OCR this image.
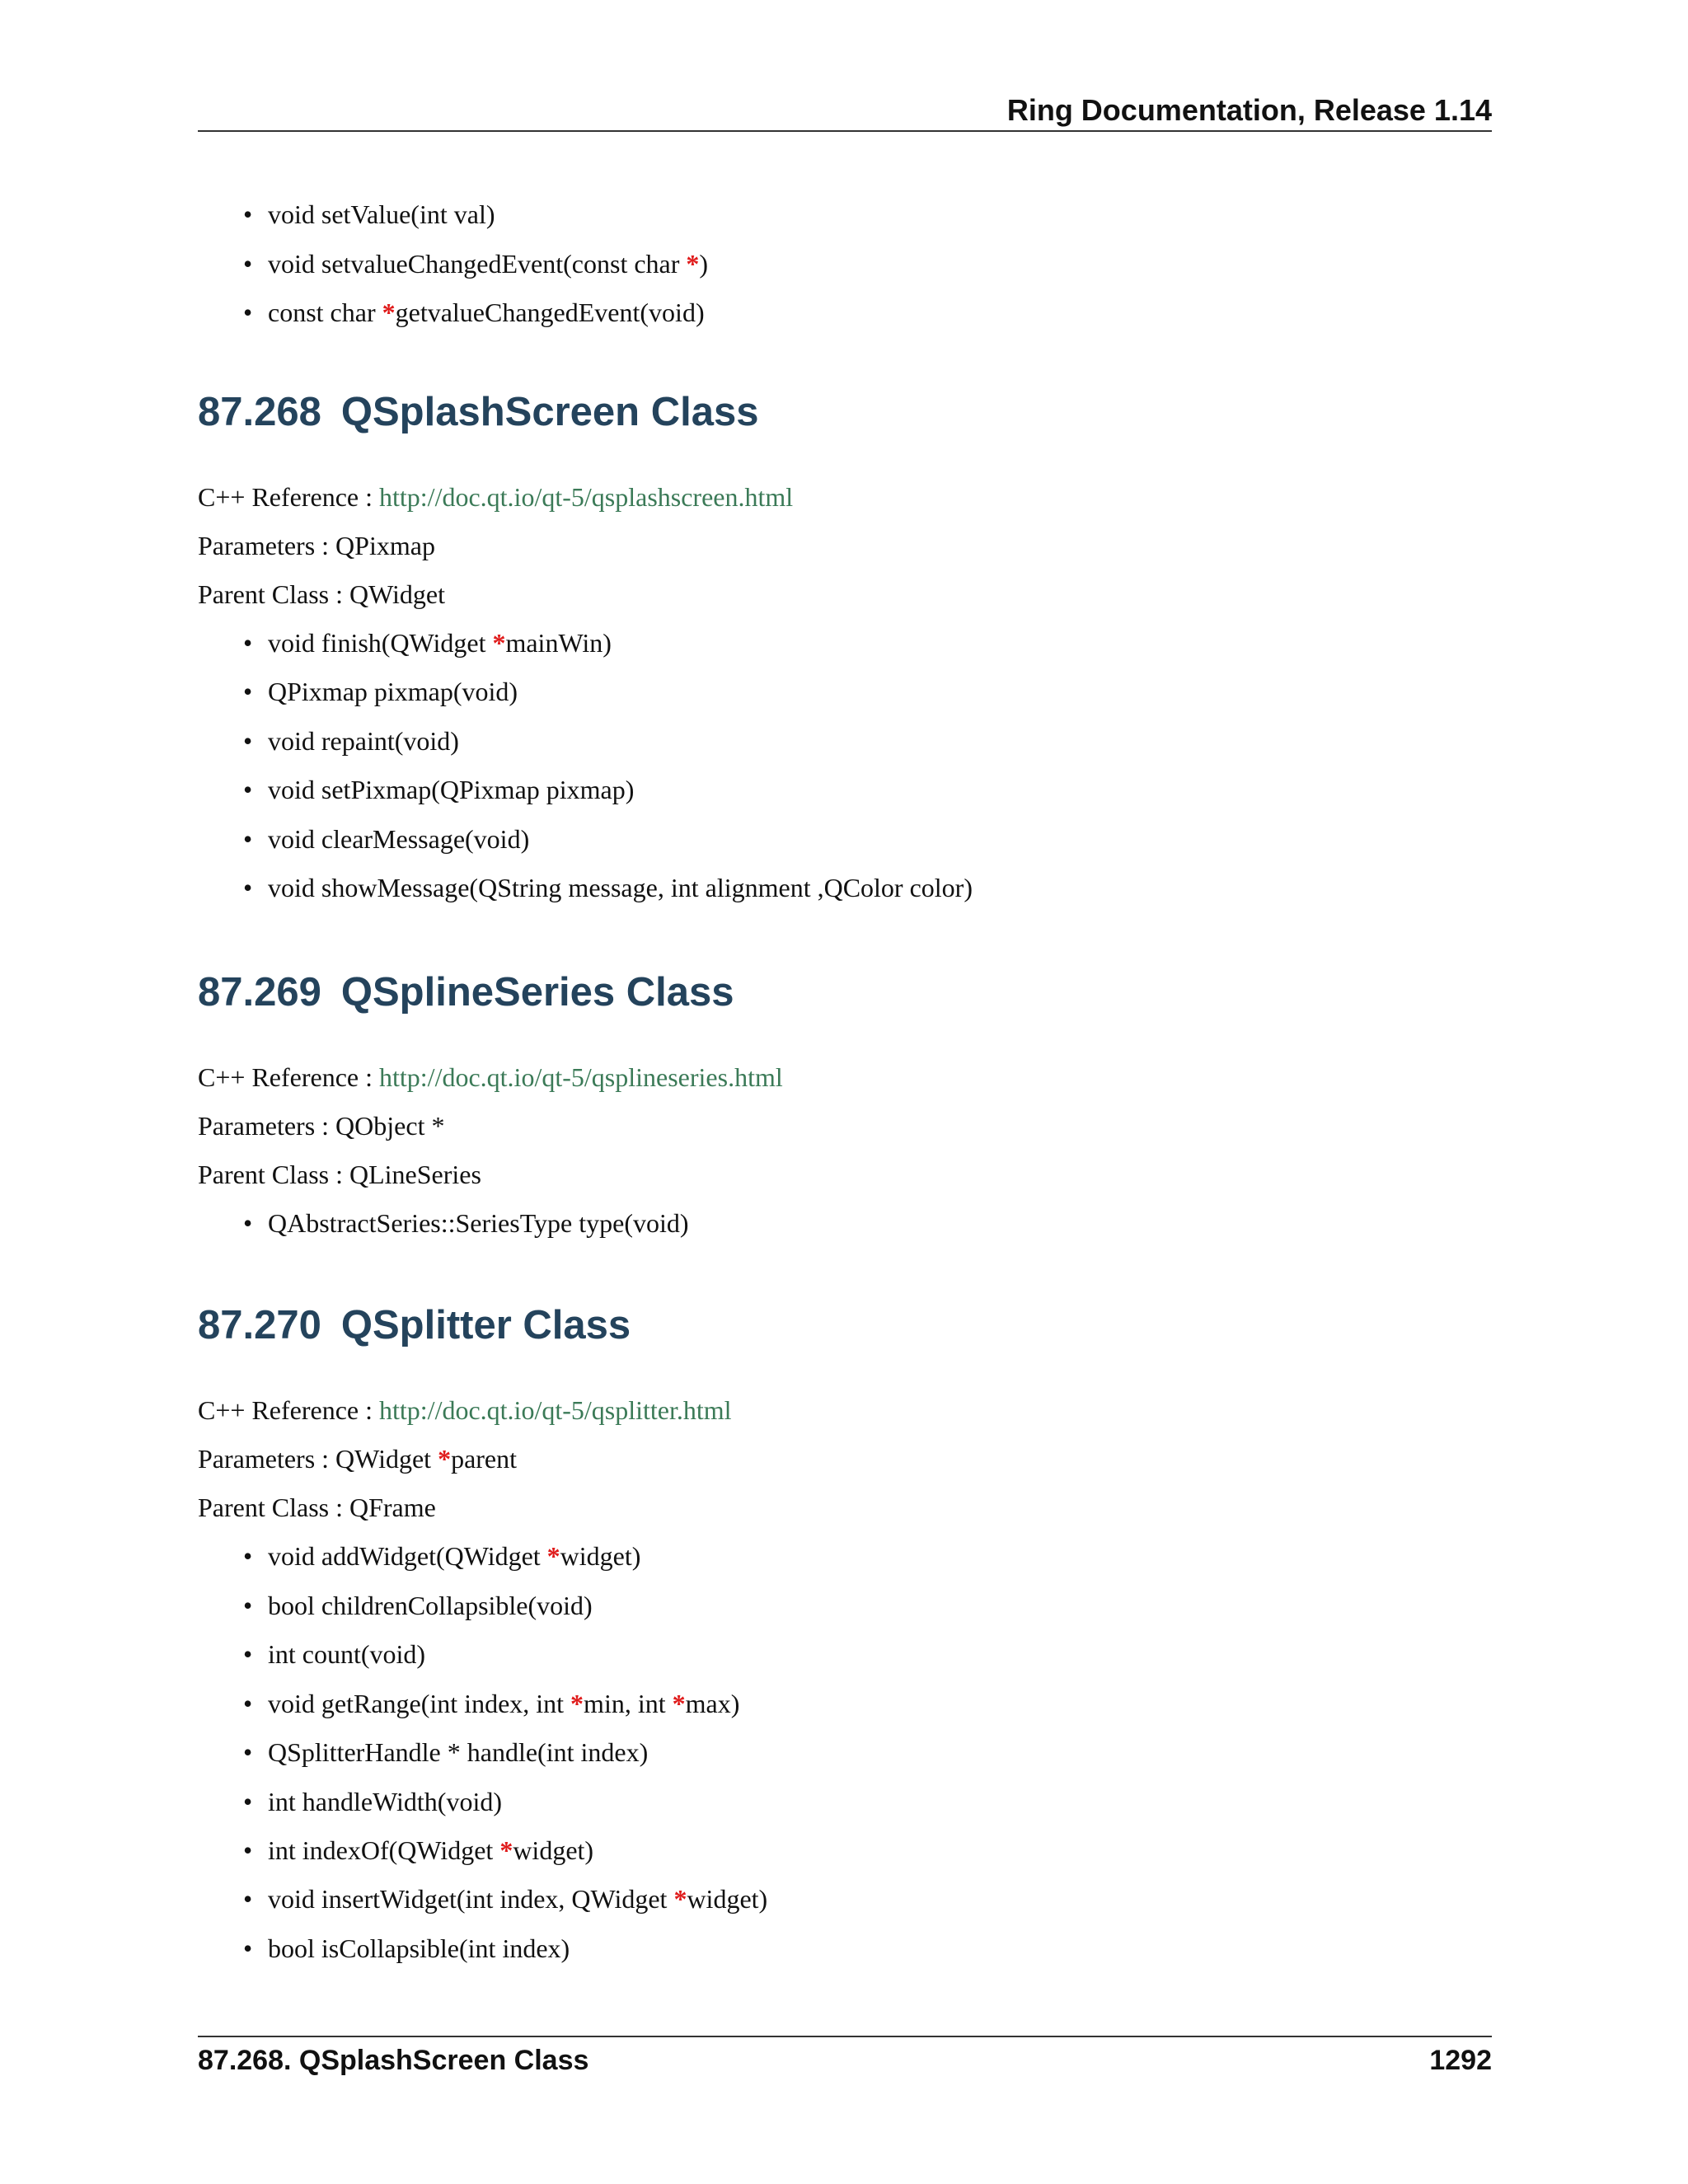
Ring Documentation, Release 1.14
• void setValue(int val)
• void setvalueChangedEvent(const char *)
• const char *getvalueChangedEvent(void)
87.268 QSplashScreen Class
C++ Reference : http://doc.qt.io/qt-5/qsplashscreen.html
Parameters : QPixmap
Parent Class : QWidget
• void finish(QWidget *mainWin)
• QPixmap pixmap(void)
• void repaint(void)
• void setPixmap(QPixmap pixmap)
• void clearMessage(void)
• void showMessage(QString message, int alignment ,QColor color)
87.269 QSplineSeries Class
C++ Reference : http://doc.qt.io/qt-5/qsplineseries.html
Parameters : QObject *
Parent Class : QLineSeries
• QAbstractSeries::SeriesType type(void)
87.270 QSplitter Class
C++ Reference : http://doc.qt.io/qt-5/qsplitter.html
Parameters : QWidget *parent
Parent Class : QFrame
• void addWidget(QWidget *widget)
• bool childrenCollapsible(void)
• int count(void)
• void getRange(int index, int *min, int *max)
• QSplitterHandle * handle(int index)
• int handleWidth(void)
• int indexOf(QWidget *widget)
• void insertWidget(int index, QWidget *widget)
• bool isCollapsible(int index)
87.268. QSplashScreen Class	1292
